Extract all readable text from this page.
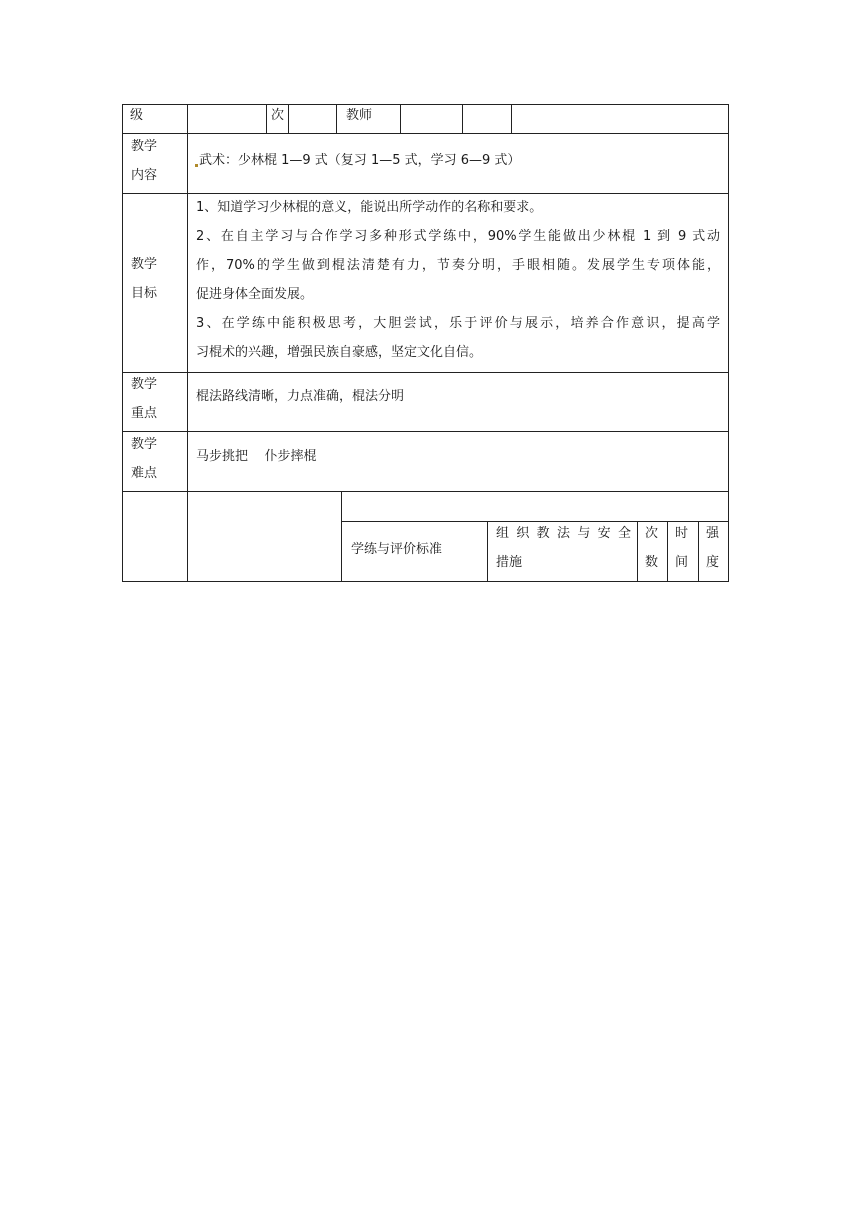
级	次	教师
教学
内容
武术：少林棍 1—9 式（复习 1—5 式，学习 6—9 式）
教学
目标
1、知道学习少林棍的意义，能说出所学动作的名称和要求。
2、在自主学习与合作学习多种形式学练中，90%学生能做出少林棍 1 到 9 式动
作，70%的学生做到棍法清楚有力，节奏分明，手眼相随。发展学生专项体能，
促进身体全面发展。
3、在学练中能积极思考，大胆尝试，乐于评价与展示，培养合作意识，提高学
习棍术的兴趣，增强民族自豪感，坚定文化自信。
教学
重点
棍法路线清晰，力点准确，棍法分明
教学
难点
马步挑把    仆步摔棍
学练与评价标准
组织教法与安全
措施
次
数
时
间
强
度
